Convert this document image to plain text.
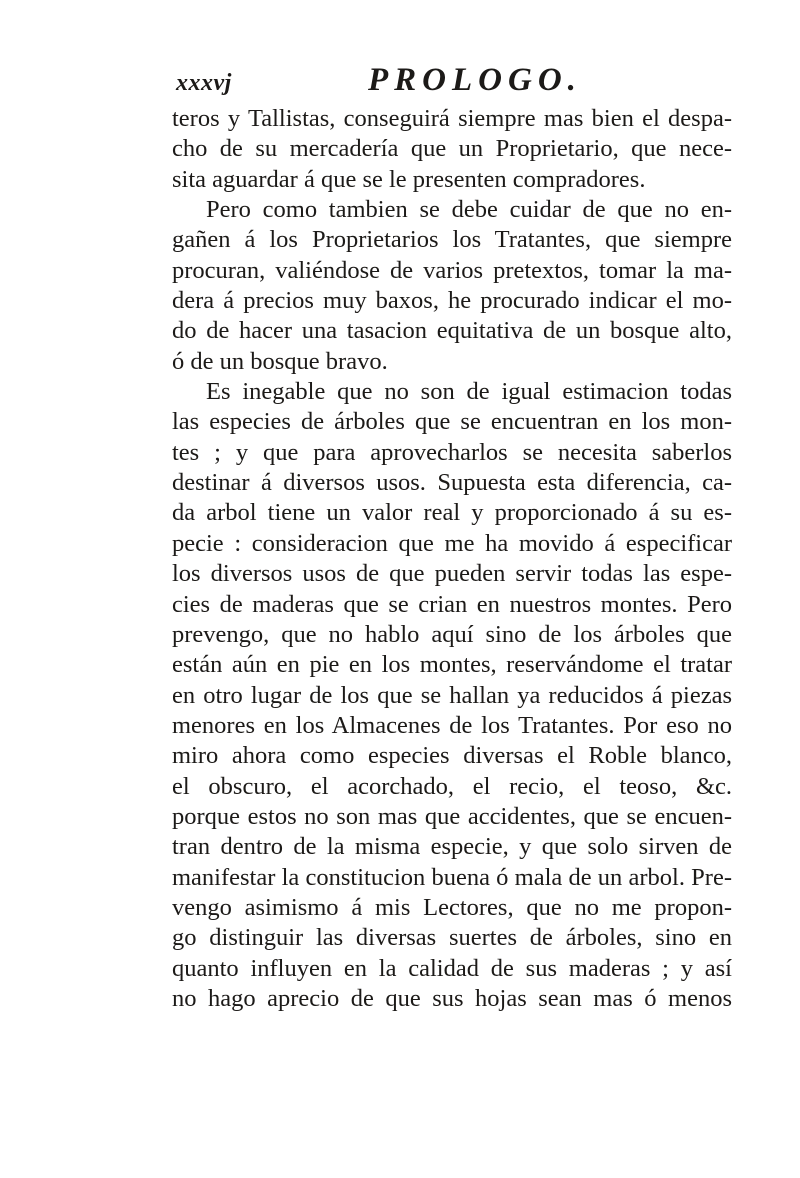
xxxvj	PROLOGO.
teros y Tallistas, conseguirá siempre mas bien el despa-
cho de su mercadería que un Proprietario, que nece-
sita aguardar á que se le presenten compradores.
Pero como tambien se debe cuidar de que no en-
gañen á los Proprietarios los Tratantes, que siempre
procuran, valiéndose de varios pretextos, tomar la ma-
dera á precios muy baxos, he procurado indicar el mo-
do de hacer una tasacion equitativa de un bosque alto,
ó de un bosque bravo.
Es inegable que no son de igual estimacion todas
las especies de árboles que se encuentran en los mon-
tes ; y que para aprovecharlos se necesita saberlos
destinar á diversos usos. Supuesta esta diferencia, ca-
da arbol tiene un valor real y proporcionado á su es-
pecie : consideracion que me ha movido á especificar
los diversos usos de que pueden servir todas las espe-
cies de maderas que se crian en nuestros montes. Pero
prevengo, que no hablo aquí sino de los árboles que
están aún en pie en los montes, reservándome el tratar
en otro lugar de los que se hallan ya reducidos á piezas
menores en los Almacenes de los Tratantes. Por eso no
miro ahora como especies diversas el Roble blanco,
el obscuro, el acorchado, el recio, el teoso, &c.
porque estos no son mas que accidentes, que se encuen-
tran dentro de la misma especie, y que solo sirven de
manifestar la constitucion buena ó mala de un arbol. Pre-
vengo asimismo á mis Lectores, que no me propon-
go distinguir las diversas suertes de árboles, sino en
quanto influyen en la calidad de sus maderas ; y así
no hago aprecio de que sus hojas sean mas ó menos
